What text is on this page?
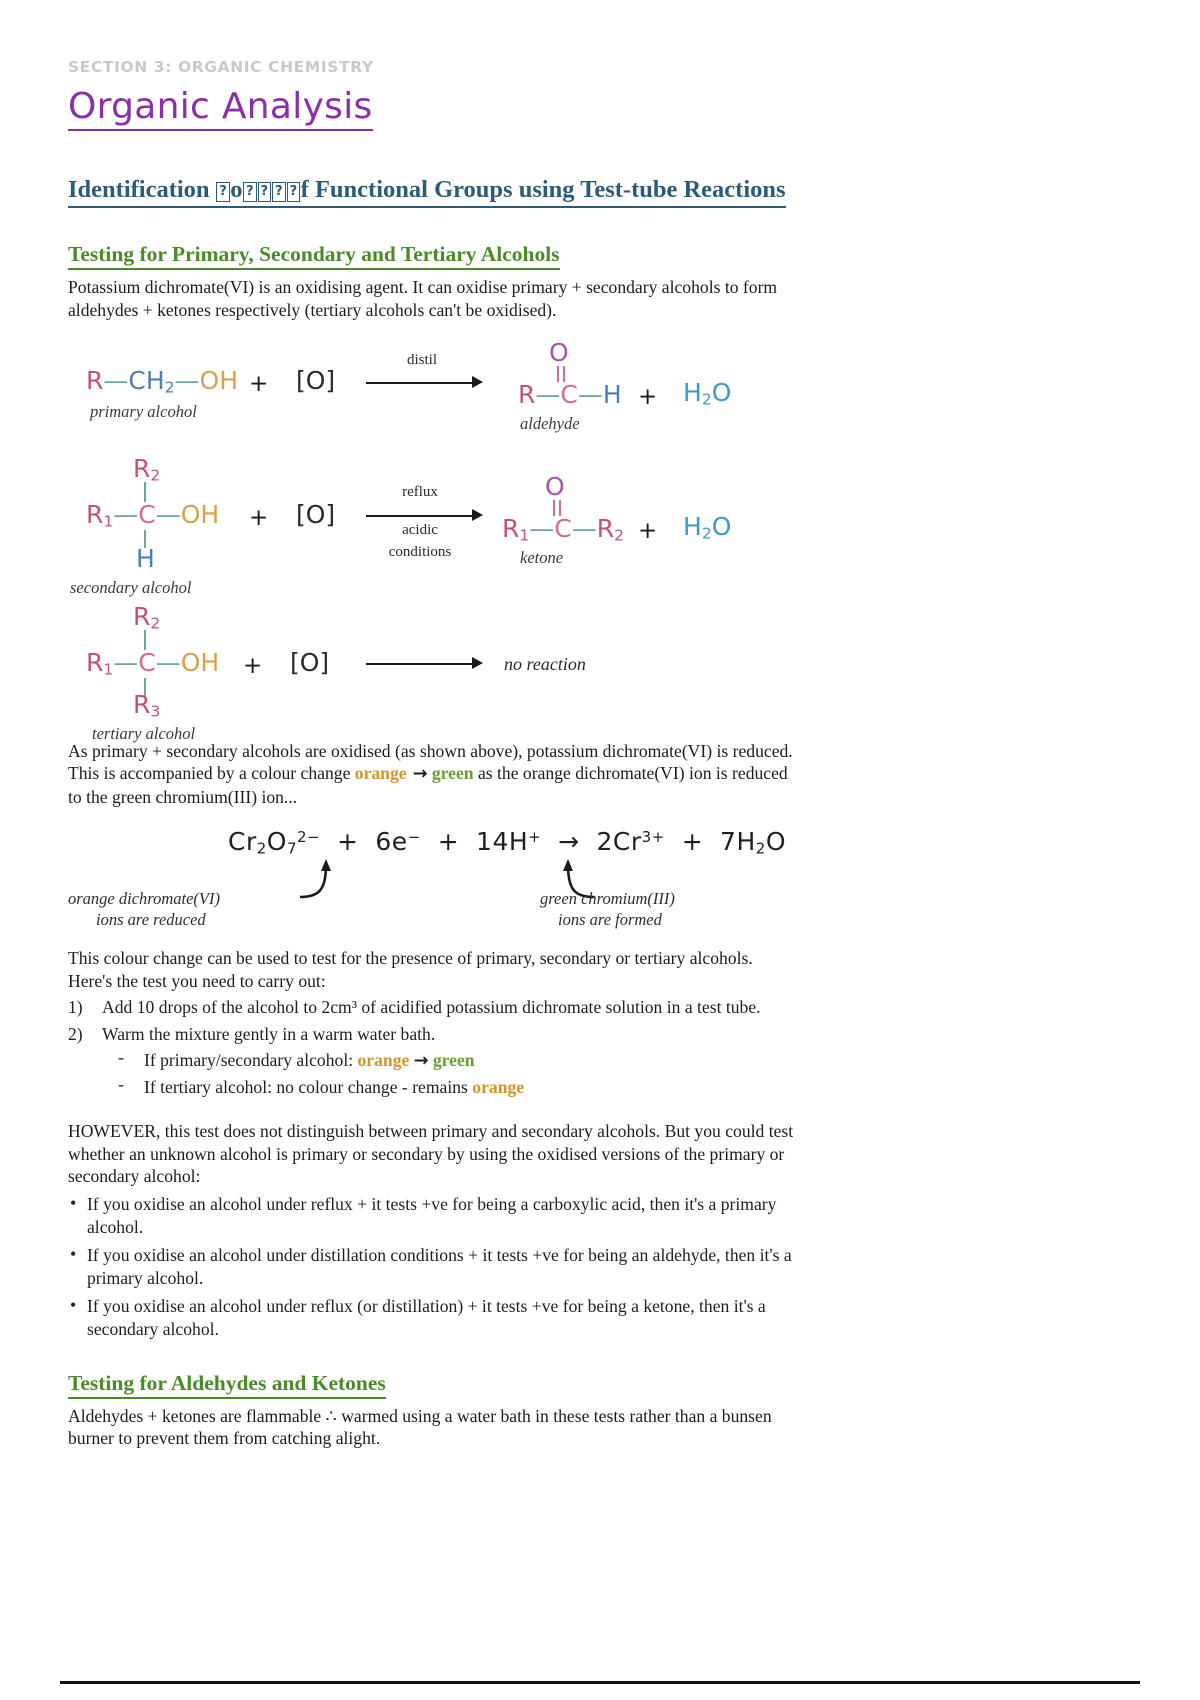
SECTION 3: ORGANIC CHEMISTRY
Organic Analysis
Identification ? o ? ? ? ? f Functional Groups using Test-tube Reactions
Testing for Primary, Secondary and Tertiary Alcohols

Potassium dichromate(VI) is an oxidising agent. It can oxidise primary + secondary alcohols to form
aldehydes + ketones respectively (tertiary alcohols can't be oxidised).

$R—CH_2—OH$
primary alcohol
+ [O]
distil	O
R—C—H
aldehyde
+ $H_2O$
$R_2$
$R_1—C—OH$
H
secondary alcohol
+ [O]
reflux
acidic
conditions
O
$R_1—C—R_2$
ketone
+ $H_2O$
$R_2$
$R_1—C—OH$
$R_3$
tertiary alcohol
+ [O]	no reaction

As primary + secondary alcohols are oxidised (as shown above), potassium dichromate(VI) is reduced.
This is accompanied by a colour change orange → green as the orange dichromate(VI) ion is reduced
to the green chromium(III) ion...

$Cr_2O_7^{2-} + 6e^- + 14H^+ \to 2Cr^{3+} + 7H_2O$
orange dichromate(VI)
ions are reduced
green chromium(III)
ions are formed

This colour change can be used to test for the presence of primary, secondary or tertiary alcohols.
Here's the test you need to carry out:

1) Add 10 drops of the alcohol to 2cm³ of acidified potassium dichromate solution in a test tube.
2) Warm the mixture gently in a warm water bath.
- If primary/secondary alcohol: orange → green
- If tertiary alcohol: no colour change - remains orange

HOWEVER, this test does not distinguish between primary and secondary alcohols. But you could test
whether an unknown alcohol is primary or secondary by using the oxidised versions of the primary or
secondary alcohol:

• If you oxidise an alcohol under reflux + it tests +ve for being a carboxylic acid, then it's a primary
alcohol.
• If you oxidise an alcohol under distillation conditions + it tests +ve for being an aldehyde, then it's a
primary alcohol.
• If you oxidise an alcohol under reflux (or distillation) + it tests +ve for being a ketone, then it's a
secondary alcohol.
Testing for Aldehydes and Ketones

Aldehydes + ketones are flammable ∴ warmed using a water bath in these tests rather than a bunsen
burner to prevent them from catching alight.
